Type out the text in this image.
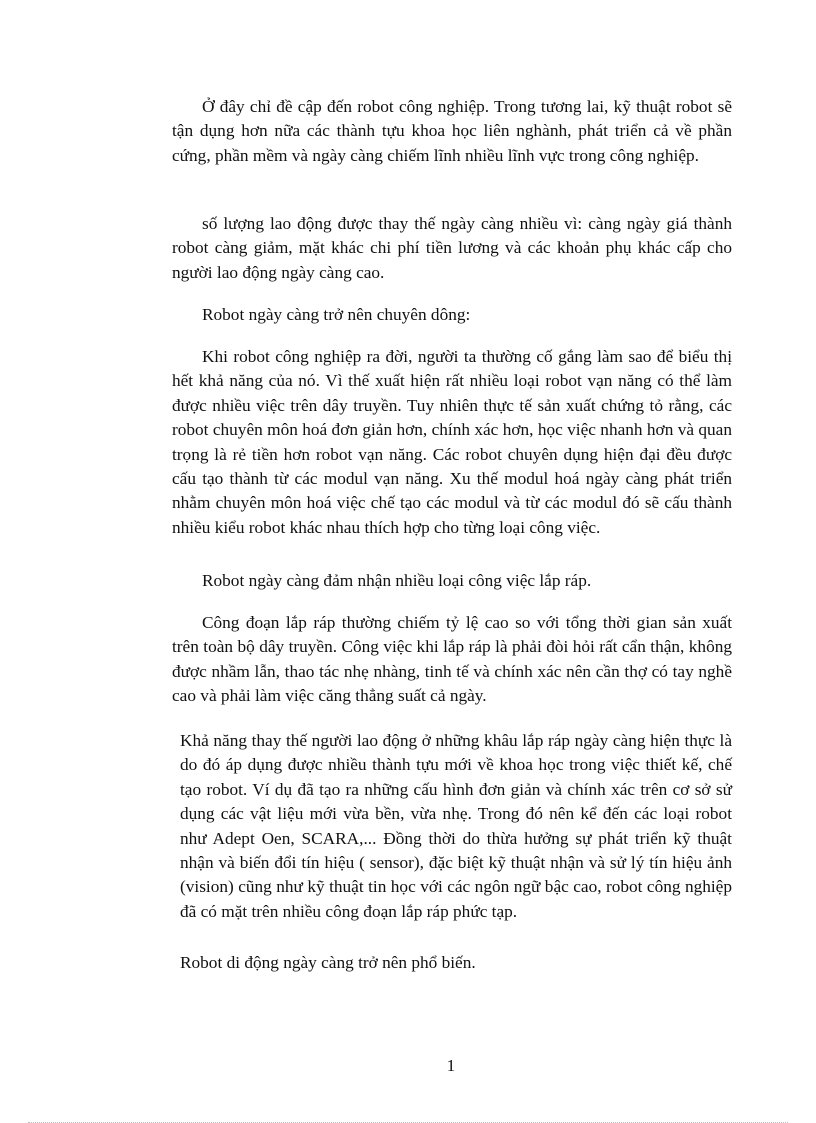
Ở đây chỉ đề cập đến robot công nghiệp. Trong tương lai, kỹ thuật robot sẽ tận dụng hơn nữa các thành tựu khoa học liên nghành, phát triển cả về phần cứng, phần mềm và ngày càng chiếm lĩnh nhiều lĩnh vực trong công nghiệp.

số lượng lao động được thay thế ngày càng nhiều vì: càng ngày giá thành robot càng giảm, mặt khác chi phí tiền lương và các khoản phụ khác cấp cho người lao động ngày càng cao.

Robot ngày càng trở nên chuyên dông:

Khi robot công nghiệp ra đời, người ta thường cố gắng làm sao để biểu thị hết khả năng của nó. Vì thế xuất hiện rất nhiều loại robot vạn năng có thể làm được nhiều việc trên dây truyền. Tuy nhiên thực tế sản xuất chứng tỏ rằng, các robot chuyên môn hoá đơn giản hơn, chính xác hơn, học việc nhanh hơn và quan trọng là rẻ tiền hơn robot vạn năng. Các robot chuyên dụng hiện đại đều được cấu tạo thành từ các modul vạn năng. Xu thế modul hoá ngày càng phát triển nhằm chuyên môn hoá việc chế tạo các modul và từ các modul đó sẽ cấu thành nhiều kiểu robot khác nhau thích hợp cho từng loại công việc.

Robot ngày càng đảm nhận nhiều loại công việc lắp ráp.

Công đoạn lắp ráp thường chiếm tỷ lệ cao so với tổng thời gian sản xuất trên toàn bộ dây truyền. Công việc khi lắp ráp là phải đòi hỏi rất cẩn thận, không được nhầm lẫn, thao tác nhẹ nhàng, tinh tế và chính xác nên cần thợ có tay nghề cao và phải làm việc căng thẳng suất cả ngày.

Khả năng thay thế người lao động ở những khâu lắp ráp ngày càng hiện thực là do đó áp dụng được nhiều thành tựu mới về khoa học trong việc thiết kế, chế tạo robot. Ví dụ đã tạo ra những cấu hình đơn giản và chính xác trên cơ sở sử dụng các vật liệu mới vừa bền, vừa nhẹ. Trong đó nên kể đến các loại robot như Adept Oen, SCARA,... Đồng thời do thừa hưởng sự phát triển kỹ thuật nhận và biến đổi tín hiệu ( sensor), đặc biệt kỹ thuật nhận và sử lý tín hiệu ảnh (vision) cũng như kỹ thuật tin học với các ngôn ngữ bậc cao, robot công nghiệp đã có mặt trên nhiều công đoạn lắp ráp phức tạp.

Robot di động ngày càng trở nên phổ biến.

1
